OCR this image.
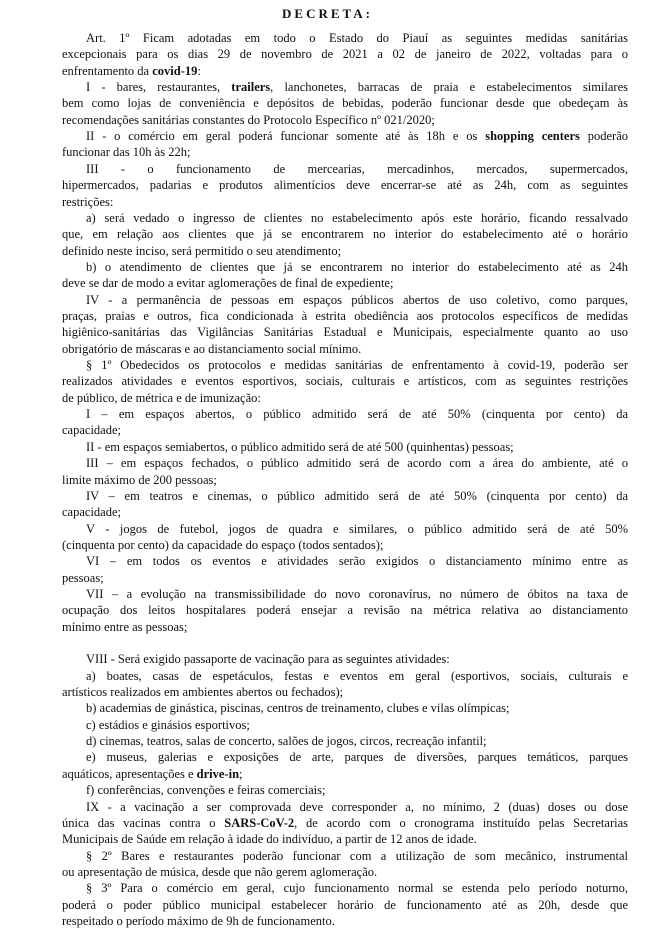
DECRETA:

Art. 1º Ficam adotadas em todo o Estado do Piauí as seguintes medidas sanitárias

excepcionais para os dias 29 de novembro de 2021 a 02 de janeiro de 2022, voltadas para o

enfrentamento da covid-19:

I - bares, restaurantes, trailers, lanchonetes, barracas de praia e estabelecimentos similares

bem como lojas de conveniência e depósitos de bebidas, poderão funcionar desde que obedeçam às

recomendações sanitárias constantes do Protocolo Específico nº 021/2020;

II - o comércio em geral poderá funcionar somente até às 18h e os shopping centers poderão

funcionar das 10h às 22h;

III - o funcionamento de mercearias, mercadinhos, mercados, supermercados,

hipermercados, padarias e produtos alimentícios deve encerrar-se até as 24h, com as seguintes

restrições:

a) será vedado o ingresso de clientes no estabelecimento após este horário, ficando ressalvado

que, em relação aos clientes que já se encontrarem no interior do estabelecimento até o horário

definido neste inciso, será permitido o seu atendimento;

b) o atendimento de clientes que já se encontrarem no interior do estabelecimento até as 24h

deve se dar de modo a evitar aglomerações de final de expediente;

IV - a permanência de pessoas em espaços públicos abertos de uso coletivo, como parques,

praças, praias e outros, fica condicionada à estrita obediência aos protocolos específicos de medidas

higiênico-sanitárias das Vigilâncias Sanitárias Estadual e Municipais, especialmente quanto ao uso

obrigatório de máscaras e ao distanciamento social mínimo.

§ 1º Obedecidos os protocolos e medidas sanitárias de enfrentamento à covid-19, poderão ser

realizados atividades e eventos esportivos, sociais, culturais e artísticos, com as seguintes restrições

de público, de métrica e de imunização:

I – em espaços abertos, o público admitido será de até 50% (cinquenta por cento) da

capacidade;

II - em espaços semiabertos, o público admitido será de até 500 (quinhentas) pessoas;

III – em espaços fechados, o público admitido será de acordo com a área do ambiente, até o

limite máximo de 200 pessoas;

IV – em teatros e cinemas, o público admitido será de até 50% (cinquenta por cento) da

capacidade;

V - jogos de futebol, jogos de quadra e similares, o público admitido será de até 50%

(cinquenta por cento) da capacidade do espaço (todos sentados);

VI – em todos os eventos e atividades serão exigidos o distanciamento mínimo entre as

pessoas;

VII – a evolução na transmissibilidade do novo coronavírus, no número de óbitos na taxa de

ocupação dos leitos hospitalares poderá ensejar a revisão na métrica relativa ao distanciamento

mínimo entre as pessoas;

VIII - Será exigido passaporte de vacinação para as seguintes atividades:

a) boates, casas de espetáculos, festas e eventos em geral (esportivos, sociais, culturais e

artísticos realizados em ambientes abertos ou fechados);

b) academias de ginástica, piscinas, centros de treinamento, clubes e vilas olímpicas;

c) estádios e ginásios esportivos;

d) cinemas, teatros, salas de concerto, salões de jogos, circos, recreação infantil;

e) museus, galerias e exposições de arte, parques de diversões, parques temáticos, parques

aquáticos, apresentações e drive-in;

f) conferências, convenções e feiras comerciais;

IX - a vacinação a ser comprovada deve corresponder a, no mínimo, 2 (duas) doses ou dose

única das vacinas contra o SARS-CoV-2, de acordo com o cronograma instituído pelas Secretarias

Municipais de Saúde em relação à idade do indivíduo, a partir de 12 anos de idade.

§ 2º Bares e restaurantes poderão funcionar com a utilização de som mecânico, instrumental

ou apresentação de música, desde que não gerem aglomeração.

§ 3º Para o comércio em geral, cujo funcionamento normal se estenda pelo período noturno,

poderá o poder público municipal estabelecer horário de funcionamento até as 20h, desde que

respeitado o período máximo de 9h de funcionamento.
